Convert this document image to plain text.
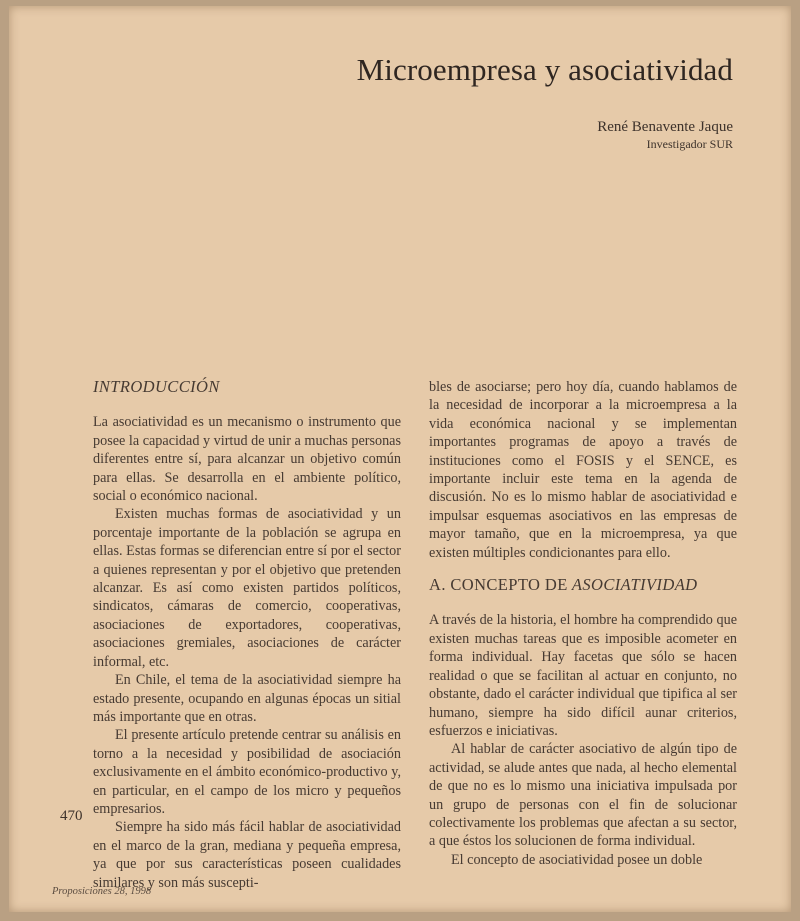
Microempresa y asociatividad
René Benavente Jaque
Investigador SUR
INTRODUCCIÓN

La asociatividad es un mecanismo o instrumento que posee la capacidad y virtud de unir a muchas personas diferentes entre sí, para alcanzar un objetivo común para ellas. Se desarrolla en el ambiente político, social o económico nacional.

Existen muchas formas de asociatividad y un porcentaje importante de la población se agrupa en ellas. Estas formas se diferencian entre sí por el sector a quienes representan y por el objetivo que pretenden alcanzar. Es así como existen partidos políticos, sindicatos, cámaras de comercio, cooperativas, asociaciones de exportadores, cooperativas, asociaciones gremiales, asociaciones de carácter informal, etc.

En Chile, el tema de la asociatividad siempre ha estado presente, ocupando en algunas épocas un sitial más importante que en otras.

El presente artículo pretende centrar su análisis en torno a la necesidad y posibilidad de asociación exclusivamente en el ámbito económico-productivo y, en particular, en el campo de los micro y pequeños empresarios.

Siempre ha sido más fácil hablar de asociatividad en el marco de la gran, mediana y pequeña empresa, ya que por sus características poseen cualidades similares y son más suscepti-

bles de asociarse; pero hoy día, cuando hablamos de la necesidad de incorporar a la microempresa a la vida económica nacional y se implementan importantes programas de apoyo a través de instituciones como el FOSIS y el SENCE, es importante incluir este tema en la agenda de discusión. No es lo mismo hablar de asociatividad e impulsar esquemas asociativos en las empresas de mayor tamaño, que en la microempresa, ya que existen múltiples condicionantes para ello.

A. CONCEPTO DE ASOCIATIVIDAD

A través de la historia, el hombre ha comprendido que existen muchas tareas que es imposible acometer en forma individual. Hay facetas que sólo se hacen realidad o que se facilitan al actuar en conjunto, no obstante, dado el carácter individual que tipifica al ser humano, siempre ha sido difícil aunar criterios, esfuerzos e iniciativas.

Al hablar de carácter asociativo de algún tipo de actividad, se alude antes que nada, al hecho elemental de que no es lo mismo una iniciativa impulsada por un grupo de personas con el fin de solucionar colectivamente los problemas que afectan a su sector, a que éstos los solucionen de forma individual.

El concepto de asociatividad posee un doble

470
Proposiciones 28, 1998
